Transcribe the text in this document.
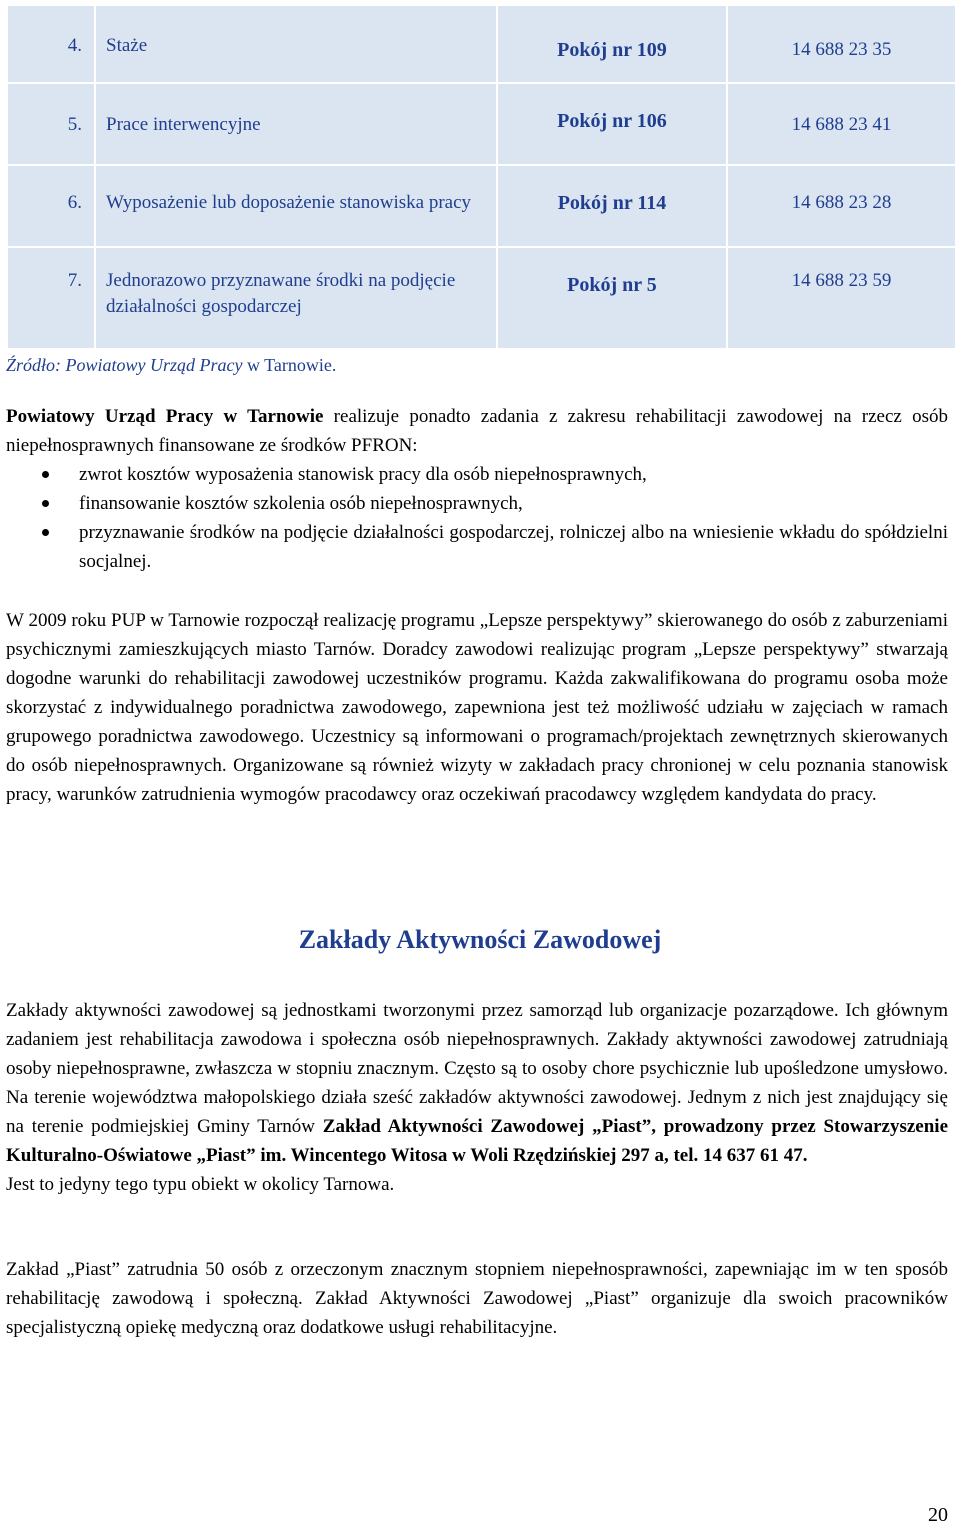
4.	Staże	Pokój nr 109	14 688 23 35
5.	Prace interwencyjne	Pokój nr 106	14 688 23 41
6.	Wyposażenie lub doposażenie stanowiska pracy	Pokój nr 114	14 688 23 28
7.	Jednorazowo przyznawane środki na podjęcie działalności gospodarczej	Pokój nr 5	14 688 23 59
Źródło: Powiatowy Urząd Pracy w Tarnowie.

Powiatowy Urząd Pracy w Tarnowie realizuje ponadto zadania z zakresu rehabilitacji zawodowej na rzecz osób niepełnosprawnych finansowane ze środków PFRON:

zwrot kosztów wyposażenia stanowisk pracy dla osób niepełnosprawnych,
finansowanie kosztów szkolenia osób niepełnosprawnych,
przyznawanie środków na podjęcie działalności gospodarczej, rolniczej albo na wniesienie wkładu do spółdzielni socjalnej.

W 2009 roku PUP w Tarnowie rozpoczął realizację programu „Lepsze perspektywy” skierowanego do osób z zaburzeniami psychicznymi zamieszkujących miasto Tarnów. Doradcy zawodowi realizując program „Lepsze perspektywy” stwarzają dogodne warunki do rehabilitacji zawodowej uczestników programu. Każda zakwalifikowana do programu osoba może skorzystać z indywidualnego poradnictwa zawodowego, zapewniona jest też możliwość udziału w zajęciach w ramach grupowego poradnictwa zawodowego. Uczestnicy są informowani o programach/projektach zewnętrznych skierowanych do osób niepełnosprawnych. Organizowane są również wizyty w zakładach pracy chronionej w celu poznania stanowisk pracy, warunków zatrudnienia wymogów pracodawcy oraz oczekiwań pracodawcy względem kandydata do pracy.

Zakłady Aktywności Zawodowej

Zakłady aktywności zawodowej są jednostkami tworzonymi przez samorząd lub organizacje pozarządowe. Ich głównym zadaniem jest rehabilitacja zawodowa i społeczna osób niepełnosprawnych. Zakłady aktywności zawodowej zatrudniają osoby niepełnosprawne, zwłaszcza w stopniu znacznym. Często są to osoby chore psychicznie lub upośledzone umysłowo. Na terenie województwa małopolskiego działa sześć zakładów aktywności zawodowej. Jednym z nich jest znajdujący się na terenie podmiejskiej Gminy Tarnów Zakład Aktywności Zawodowej „Piast”, prowadzony przez Stowarzyszenie Kulturalno-Oświatowe „Piast” im. Wincentego Witosa w Woli Rzędzińskiej 297 a, tel. 14 637 61 47.
Jest to jedyny tego typu obiekt w okolicy Tarnowa.

Zakład „Piast” zatrudnia 50 osób z orzeczonym znacznym stopniem niepełnosprawności, zapewniając im w ten sposób rehabilitację zawodową i społeczną. Zakład Aktywności Zawodowej „Piast” organizuje dla swoich pracowników specjalistyczną opiekę medyczną oraz dodatkowe usługi rehabilitacyjne.

20
